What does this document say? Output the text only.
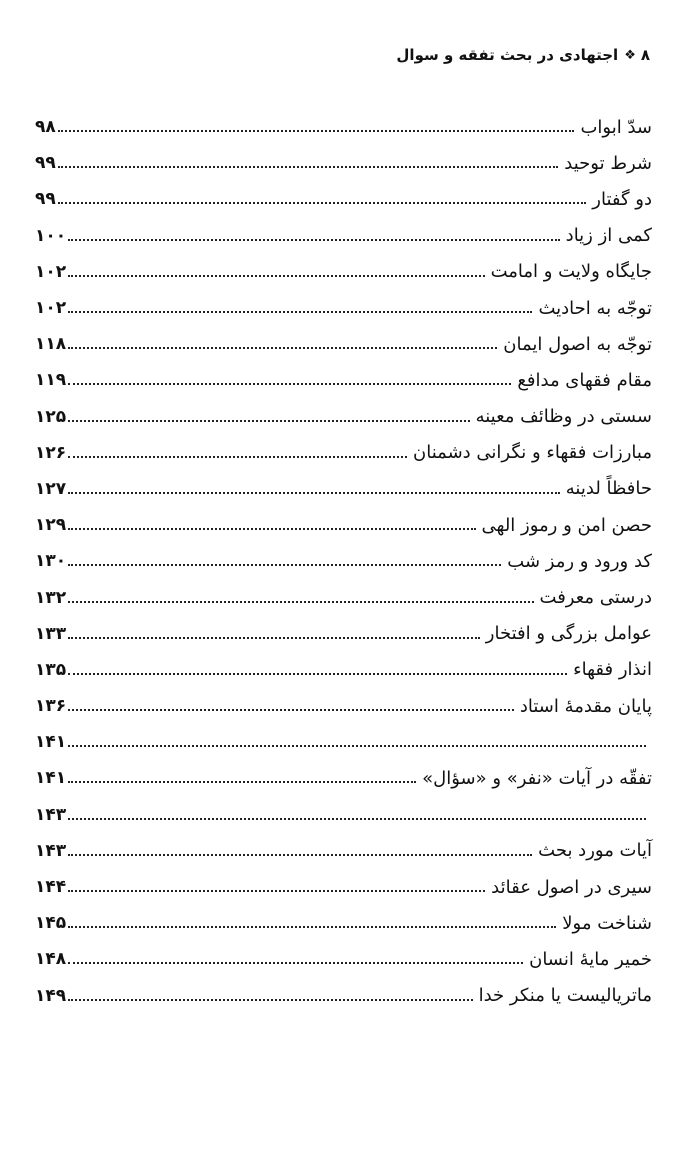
۸
❖
اجتهادی در بحث تفقه و سوال
سدّ ابواب
۹۸
شرط توحید
۹۹
دو گفتار
۹۹
کمی از زیاد
۱۰۰
جایگاه ولایت و امامت
۱۰۲
توجّه به احادیث
۱۰۲
توجّه به اصول ایمان
۱۱۸
مقام فقهای مدافع
۱۱۹
سستی در وظائف معینه
۱۲۵
مبارزات فقهاء و نگرانی دشمنان
۱۲۶
حافظاً لدینه
۱۲۷
حصن امن و رموز الهی
۱۲۹
کد ورود و رمز شب
۱۳۰
درستی معرفت
۱۳۲
عوامل بزرگی و افتخار
۱۳۳
انذار فقهاء
۱۳۵
پایان مقدمهٔ استاد
۱۳۶
۱۴۱
تفقّه در آیات «نفر» و «سؤال»
۱۴۱
۱۴۳
آیات مورد بحث
۱۴۳
سیری در اصول عقائد
۱۴۴
شناخت مولا
۱۴۵
خمیر مایهٔ انسان
۱۴۸
ماتریالیست یا منکر خدا
۱۴۹
